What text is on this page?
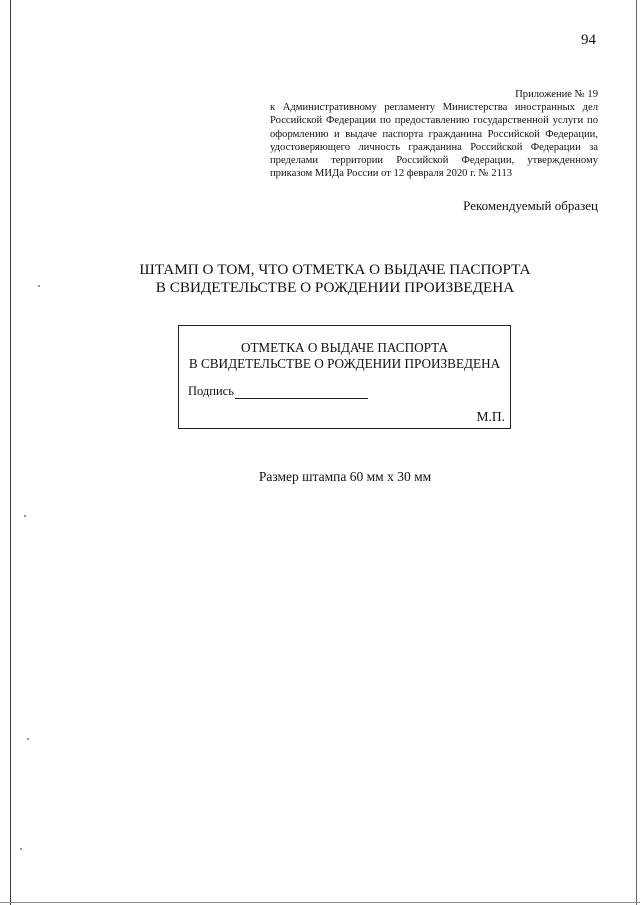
94
Приложение № 19
к Административному регламенту Министерства иностранных дел Российской Федерации по предоставлению государственной услуги по оформлению и выдаче паспорта гражданина Российской Федерации, удостоверяющего личность гражданина Российской Федерации за пределами территории Российской Федерации, утвержденному приказом МИДа России от 12 февраля 2020 г. № 2113
Рекомендуемый образец
ШТАМП О ТОМ, ЧТО ОТМЕТКА О ВЫДАЧЕ ПАСПОРТА
В СВИДЕТЕЛЬСТВЕ О РОЖДЕНИИ ПРОИЗВЕДЕНА
ОТМЕТКА О ВЫДАЧЕ ПАСПОРТА
В СВИДЕТЕЛЬСТВЕ О РОЖДЕНИИ ПРОИЗВЕДЕНА
Подпись
М.П.
Размер штампа 60 мм x 30 мм
